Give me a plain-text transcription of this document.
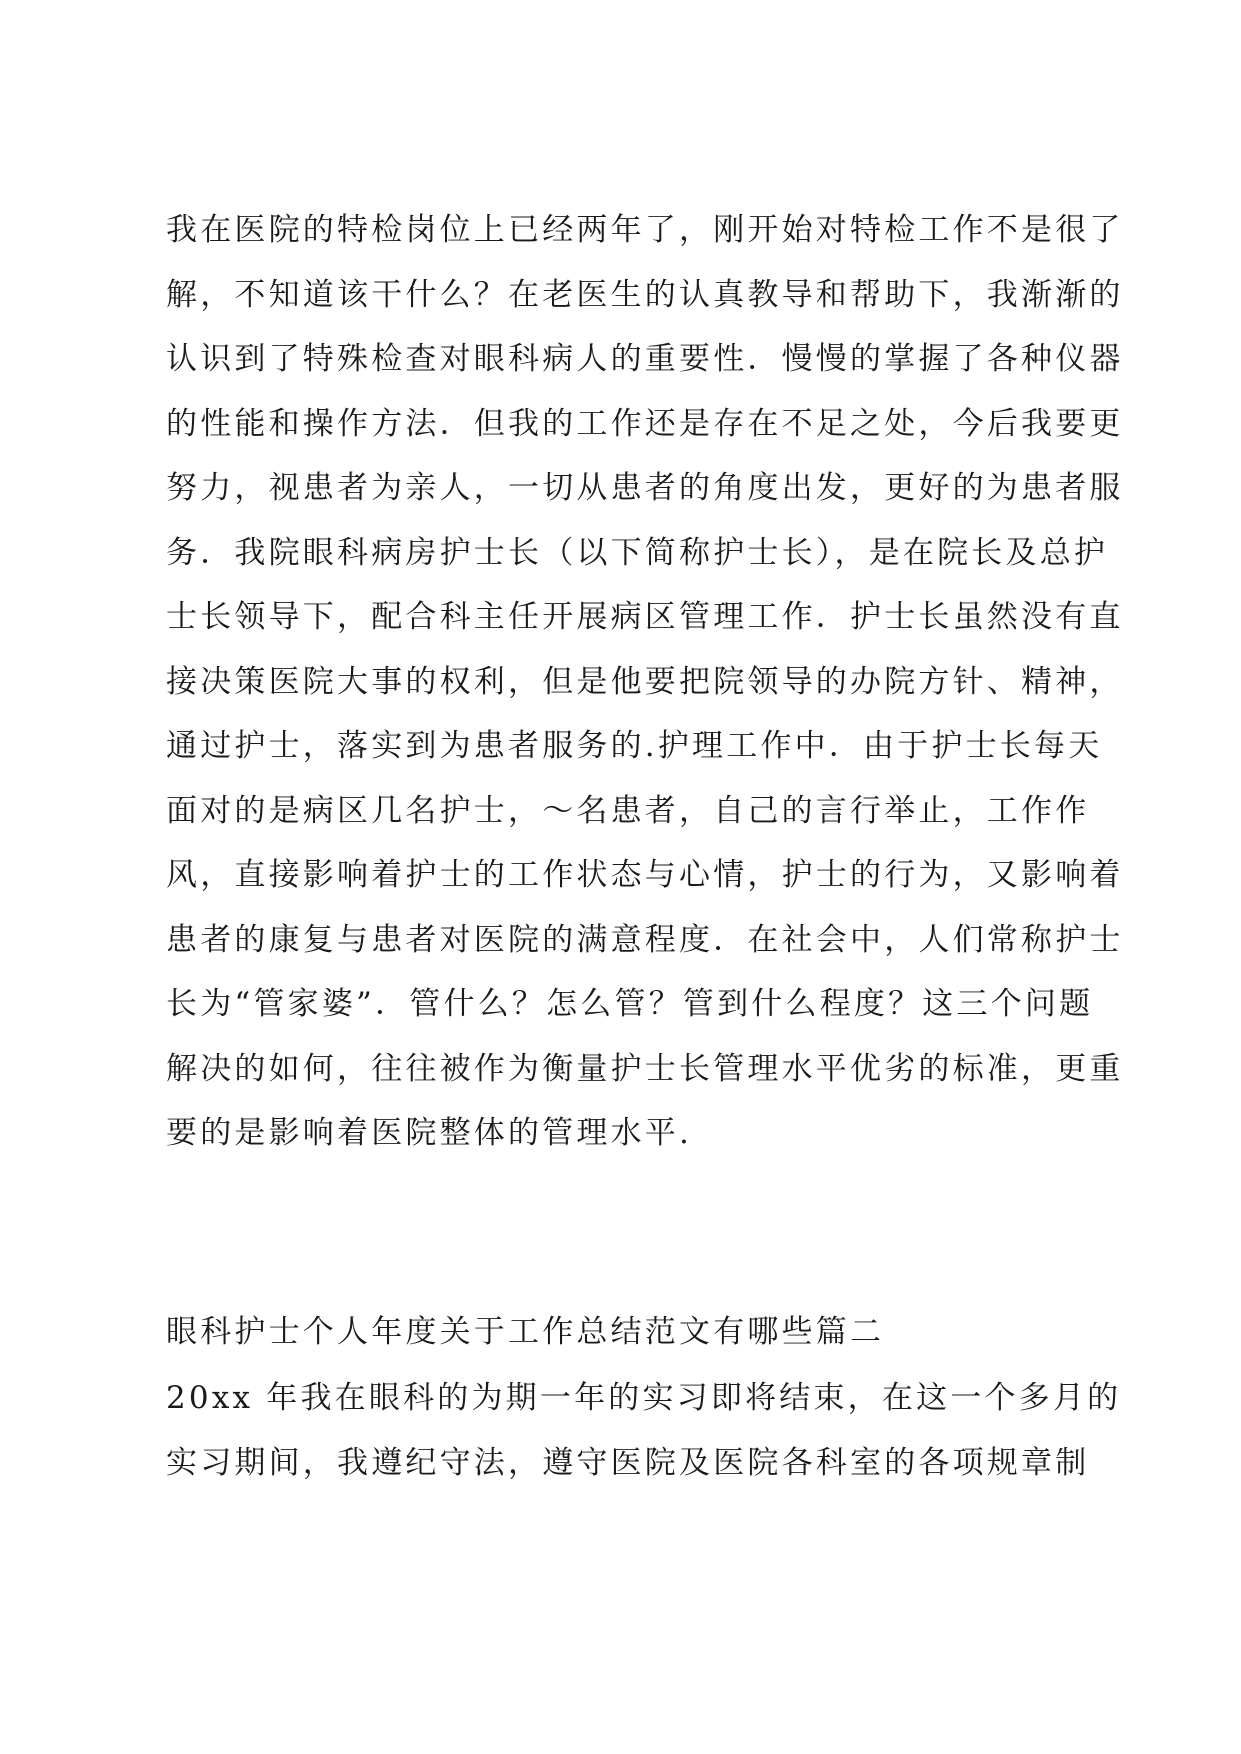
我在医院的特检岗位上已经两年了，刚开始对特检工作不是很了
解，不知道该干什么？在老医生的认真教导和帮助下，我渐渐的
认识到了特殊检查对眼科病人的重要性．慢慢的掌握了各种仪器
的性能和操作方法．但我的工作还是存在不足之处，今后我要更
努力，视患者为亲人，一切从患者的角度出发，更好的为患者服
务．我院眼科病房护士长（以下简称护士长），是在院长及总护
士长领导下，配合科主任开展病区管理工作．护士长虽然没有直
接决策医院大事的权利，但是他要把院领导的办院方针、精神，
通过护士，落实到为患者服务的.护理工作中．由于护士长每天
面对的是病区几名护士，～名患者，自己的言行举止，工作作
风，直接影响着护士的工作状态与心情，护士的行为，又影响着
患者的康复与患者对医院的满意程度．在社会中，人们常称护士
长为“管家婆”．管什么？怎么管？管到什么程度？这三个问题
解决的如何，往往被作为衡量护士长管理水平优劣的标准，更重
要的是影响着医院整体的管理水平.
眼科护士个人年度关于工作总结范文有哪些篇二
20xx 年我在眼科的为期一年的实习即将结束，在这一个多月的
实习期间，我遵纪守法，遵守医院及医院各科室的各项规章制
